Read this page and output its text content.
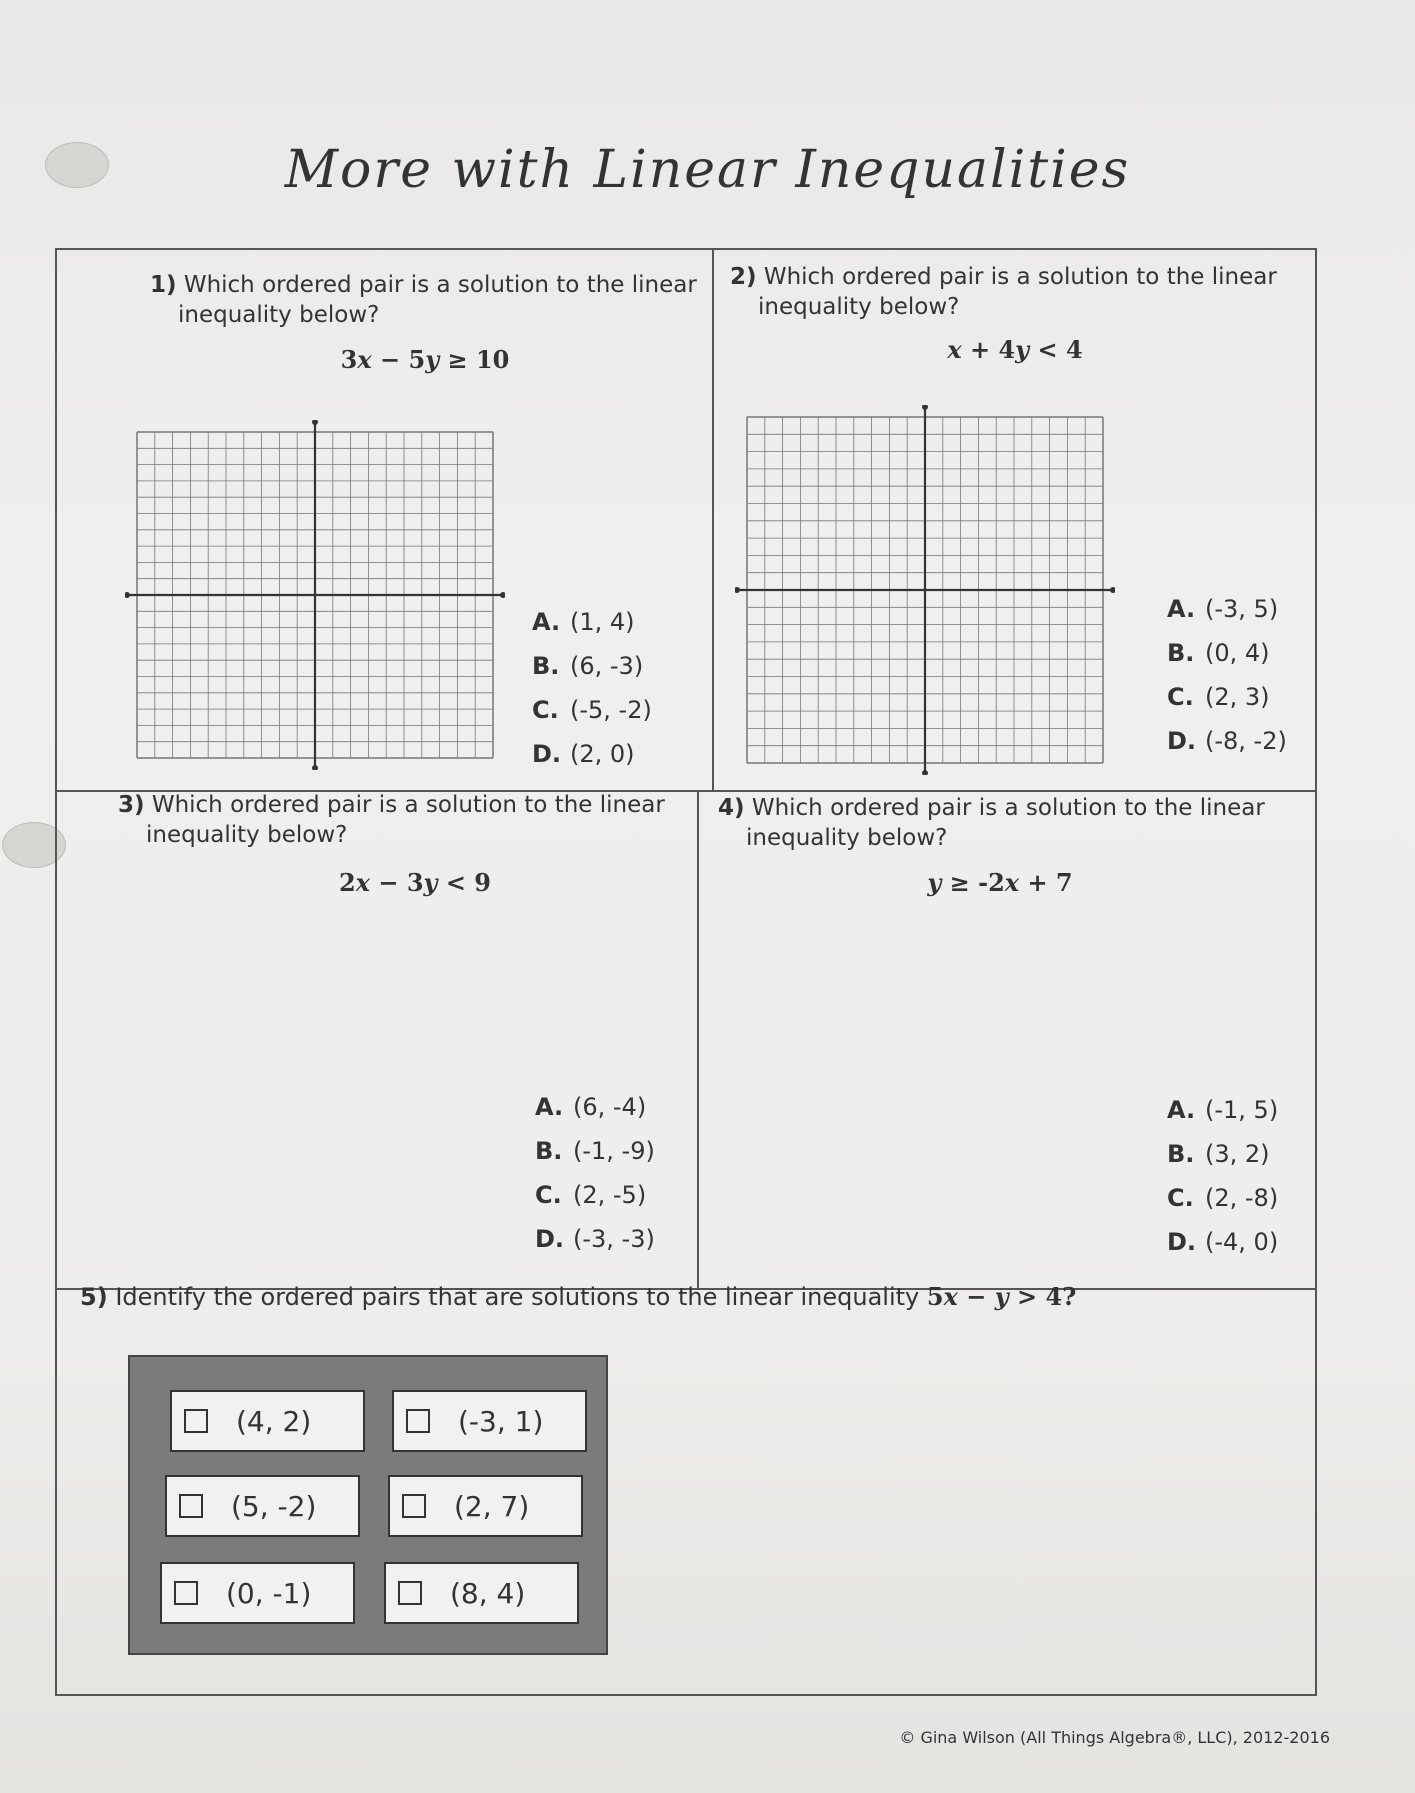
More with Linear Inequalities
1) Which ordered pair is a solution to the linear
inequality below?
3x − 5y ≥ 10
A. (1, 4)
B. (6, -3)
C. (-5, -2)
D. (2, 0)
2) Which ordered pair is a solution to the linear
inequality below?
x + 4y < 4
A. (-3, 5)
B. (0, 4)
C. (2, 3)
D. (-8, -2)
3) Which ordered pair is a solution to the linear
inequality below?
2x − 3y < 9
A. (6, -4)
B. (-1, -9)
C. (2, -5)
D. (-3, -3)
4) Which ordered pair is a solution to the linear
inequality below?
y ≥ -2x + 7
A. (-1, 5)
B. (3, 2)
C. (2, -8)
D. (-4, 0)
5) Identify the ordered pairs that are solutions to the linear inequality 5x − y > 4?
(4, 2)	(-3, 1)
(5, -2)	(2, 7)
(0, -1)	(8, 4)
© Gina Wilson (All Things Algebra®, LLC), 2012-2016
